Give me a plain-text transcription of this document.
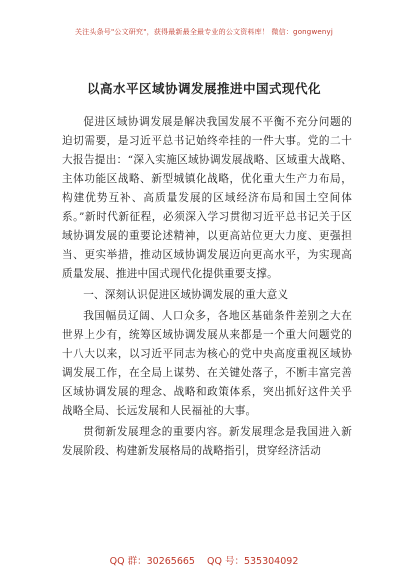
关注头条号"公文研究"，获得最新最全最专业的公文资料库！ 微信：gongwenyj
以高水平区域协调发展推进中国式现代化

促进区域协调发展是解决我国发展不平衡不充分问题的迫切需要，是习近平总书记始终牵挂的一件大事。党的二十大报告提出：“深入实施区域协调发展战略、区域重大战略、主体功能区战略、新型城镇化战略，优化重大生产力布局，构建优势互补、高质量发展的区域经济布局和国土空间体系。”新时代新征程，必须深入学习贯彻习近平总书记关于区域协调发展的重要论述精神，以更高站位更大力度、更强担当、更实举措，推动区域协调发展迈向更高水平，为实现高质量发展、推进中国式现代化提供重要支撑。

一、深刻认识促进区域协调发展的重大意义

我国幅员辽阔、人口众多，各地区基础条件差别之大在世界上少有，统筹区域协调发展从来都是一个重大问题党的十八大以来，以习近平同志为核心的党中央高度重视区域协调发展工作，在全局上谋势、在关键处落子，不断丰富完善区域协调发展的理念、战略和政策体系，突出抓好这件关乎战略全局、长远发展和人民福祉的大事。

贯彻新发展理念的重要内容。新发展理念是我国进入新发展阶段、构建新发展格局的战略指引，贯穿经济活动

QQ 群：30265665 QQ 号：535304092
